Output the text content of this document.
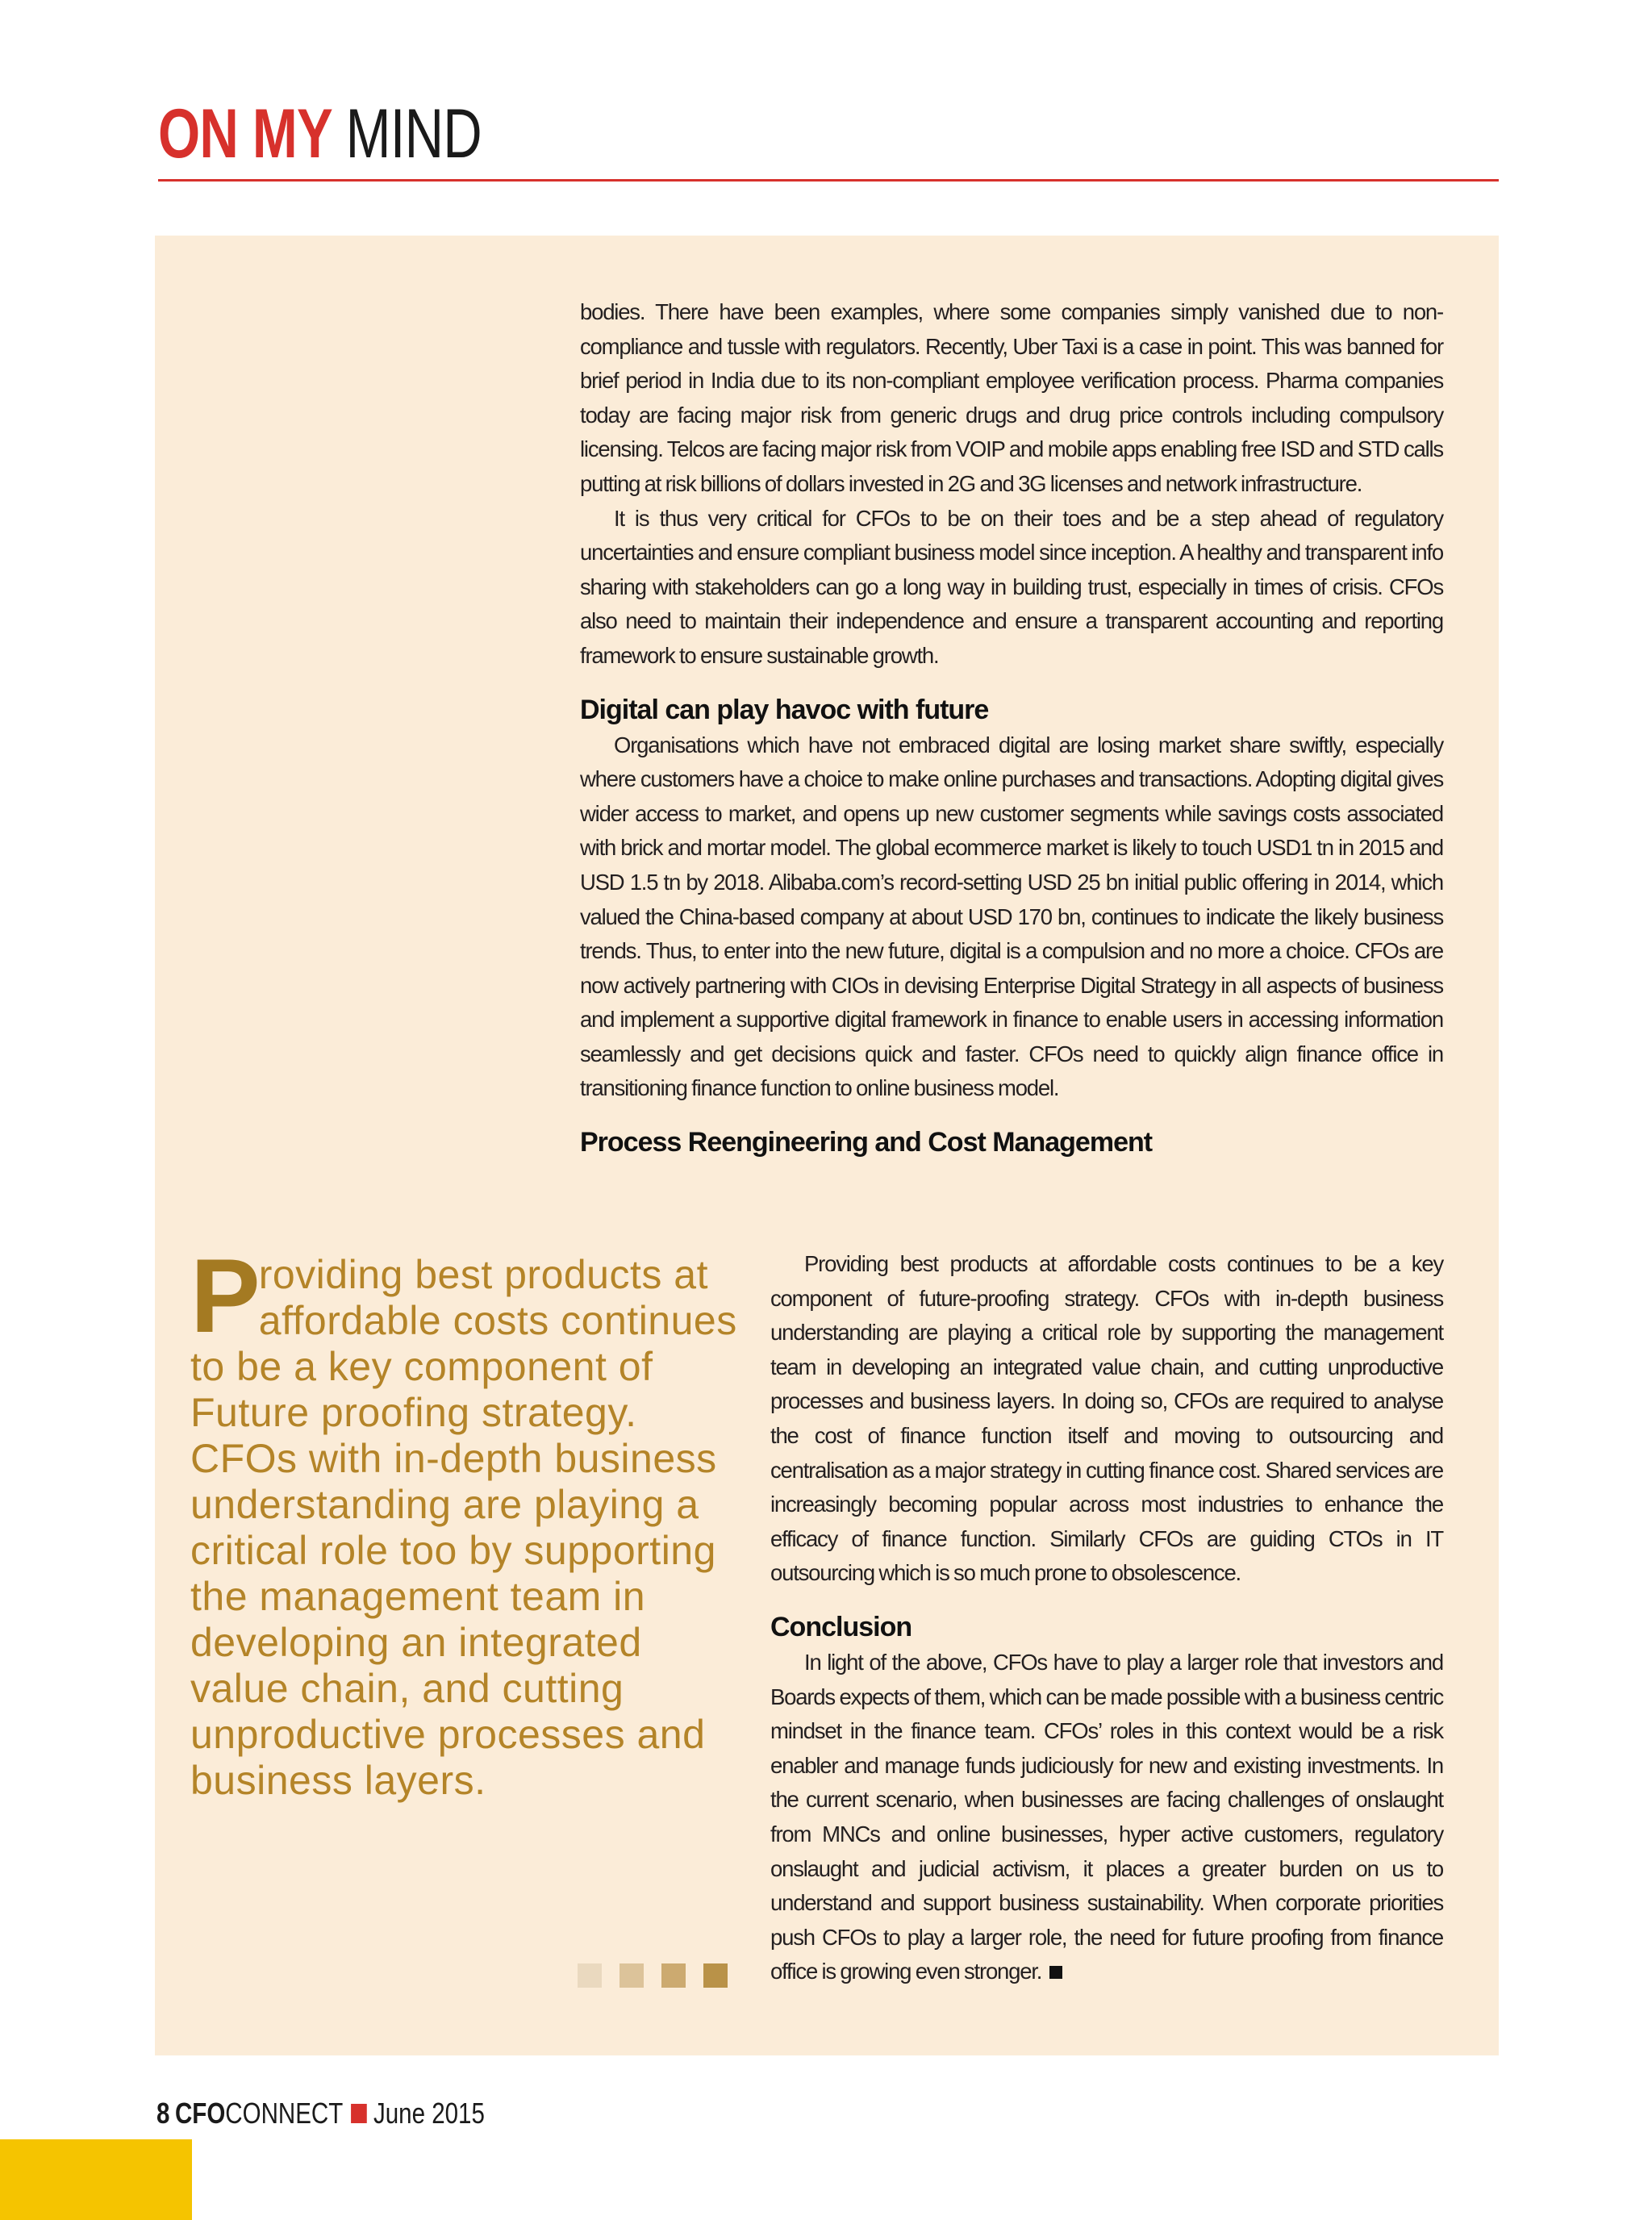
ON MY MIND

bodies. There have been examples, where some companies simply vanished due to non-compliance and tussle with regulators. Recently, Uber Taxi is a case in point. This was banned for brief period in India due to its non-compliant employee verification process. Pharma companies today are facing major risk from generic drugs and drug price controls including compulsory licensing. Telcos are facing major risk from VOIP and mobile apps enabling free ISD and STD calls putting at risk billions of dollars invested in 2G and 3G licenses and network infrastructure.

It is thus very critical for CFOs to be on their toes and be a step ahead of regulatory uncertainties and ensure compliant business model since inception. A healthy and transparent info sharing with stakeholders can go a long way in building trust, especially in times of crisis. CFOs also need to maintain their independence and ensure a transparent accounting and reporting framework to ensure sustainable growth.

Digital can play havoc with future

Organisations which have not embraced digital are losing market share swiftly, especially where customers have a choice to make online purchases and transactions. Adopting digital gives wider access to market, and opens up new customer segments while savings costs associated with brick and mortar model. The global ecommerce market is likely to touch USD1 tn in 2015 and USD 1.5 tn by 2018. Alibaba.com’s record-setting USD 25 bn initial public offering in 2014, which valued the China-based company at about USD 170 bn, continues to indicate the likely business trends. Thus, to enter into the new future, digital is a compulsion and no more a choice. CFOs are now actively partnering with CIOs in devising Enterprise Digital Strategy in all aspects of business and implement a supportive digital framework in finance to enable users in accessing information seamlessly and get decisions quick and faster. CFOs need to quickly align finance office in transitioning finance function to online business model.

Process Reengineering and Cost Management

Providing best products at affordable costs continues to be a key component of future-proofing strategy. CFOs with in-depth business understanding are playing a critical role by supporting the management team in developing an integrated value chain, and cutting unproductive processes and business layers. In doing so, CFOs are required to analyse the cost of finance function itself and moving to outsourcing and centralisation as a major strategy in cutting finance cost. Shared services are increasingly becoming popular across most industries to enhance the efficacy of finance function. Similarly CFOs are guiding CTOs in IT outsourcing which is so much prone to obsolescence.

Conclusion

In light of the above, CFOs have to play a larger role that investors and Boards expects of them, which can be made possible with a business centric mindset in the finance team. CFOs’ roles in this context would be a risk enabler and manage funds judiciously for new and existing investments. In the current scenario, when businesses are facing challenges of onslaught from MNCs and online businesses, hyper active customers, regulatory onslaught and judicial activism, it places a greater burden on us to understand and support business sustainability. When corporate priorities push CFOs to play a larger role, the need for future proofing from finance office is growing even stronger.

Providing best products at affordable costs continues to be a key component of Future proofing strategy. CFOs with in-depth business understanding are playing a critical role too by supporting the management team in developing an integrated value chain, and cutting unproductive processes and business layers.

8 CFOCONNECT June 2015
